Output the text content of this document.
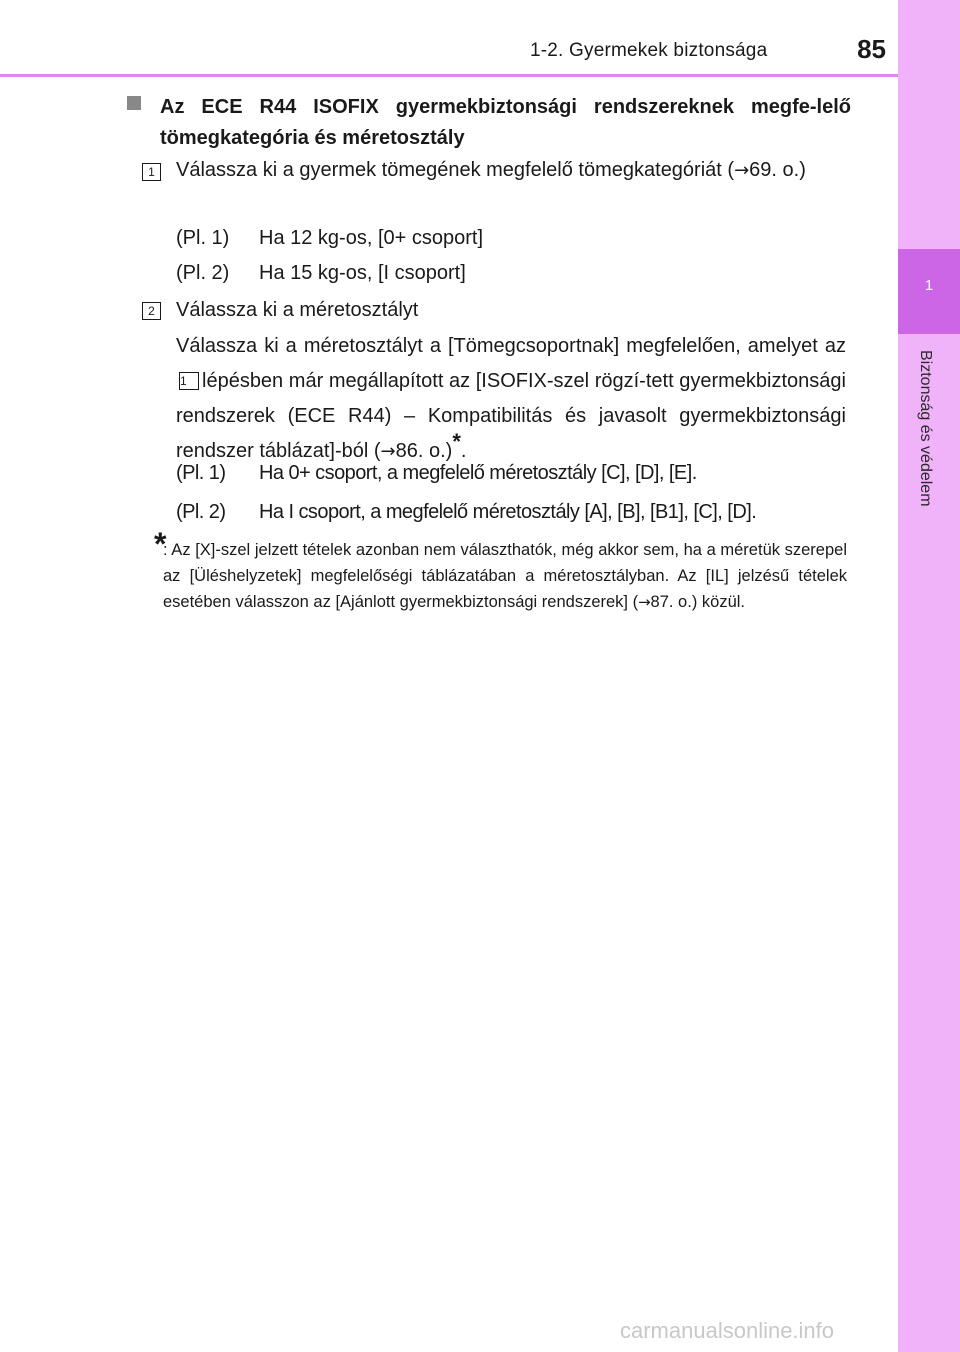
1-2. Gyermekek biztonsága	85
1
Biztonság és védelem
Az ECE R44 ISOFIX gyermekbiztonsági rendszereknek megfe-lelő tömegkategória és méretosztály
1	Válassza ki a gyermek tömegének megfelelő tömegkategóriát (→69. o.)
(Pl. 1) Ha 12 kg-os, [0+ csoport]
(Pl. 2) Ha 15 kg-os, [I csoport]
2	Válassza ki a méretosztályt
Válassza ki a méretosztályt a [Tömegcsoportnak] megfelelően, amelyet az1 lépésben már megállapított az [ISOFIX-szel rögzí-tett gyermekbiztonsági rendszerek (ECE R44) – Kompatibilitás és javasolt gyermekbiztonsági rendszer táblázat]-ból (→86. o.)*.
(Pl. 1) Ha 0+ csoport, a megfelelő méretosztály [C], [D], [E].
(Pl. 2) Ha I csoport, a megfelelő méretosztály [A], [B], [B1], [C], [D].
*
: Az [X]-szel jelzett tételek azonban nem választhatók, még akkor sem, ha a méretük szerepel az [Üléshelyzetek] megfelelőségi táblázatában a méretosztályban. Az [IL] jelzésű tételek esetében válasszon az [Ajánlott gyermekbiztonsági rendszerek] (→87. o.) közül.
carmanualsonline.info
